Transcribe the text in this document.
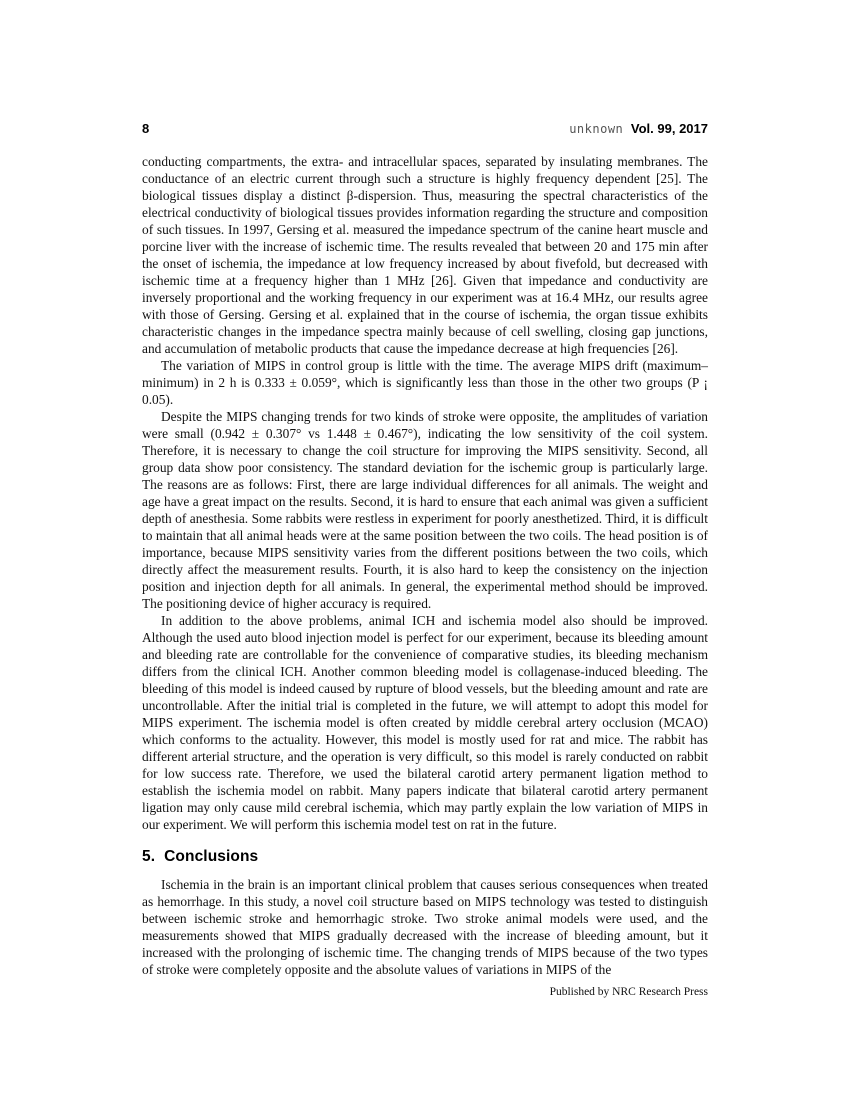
8	unknown Vol. 99, 2017

conducting compartments, the extra- and intracellular spaces, separated by insulating membranes. The conductance of an electric current through such a structure is highly frequency dependent [25]. The biological tissues display a distinct β-dispersion. Thus, measuring the spectral characteristics of the electrical conductivity of biological tissues provides information regarding the structure and composition of such tissues. In 1997, Gersing et al. measured the impedance spectrum of the canine heart muscle and porcine liver with the increase of ischemic time. The results revealed that between 20 and 175 min after the onset of ischemia, the impedance at low frequency increased by about fivefold, but decreased with ischemic time at a frequency higher than 1 MHz [26]. Given that impedance and conductivity are inversely proportional and the working frequency in our experiment was at 16.4 MHz, our results agree with those of Gersing. Gersing et al. explained that in the course of ischemia, the organ tissue exhibits characteristic changes in the impedance spectra mainly because of cell swelling, closing gap junctions, and accumulation of metabolic products that cause the impedance decrease at high frequencies [26].

The variation of MIPS in control group is little with the time. The average MIPS drift (maximum–minimum) in 2 h is 0.333 ± 0.059°, which is significantly less than those in the other two groups (P ¡ 0.05).

Despite the MIPS changing trends for two kinds of stroke were opposite, the amplitudes of variation were small (0.942 ± 0.307° vs 1.448 ± 0.467°), indicating the low sensitivity of the coil system. Therefore, it is necessary to change the coil structure for improving the MIPS sensitivity. Second, all group data show poor consistency. The standard deviation for the ischemic group is particularly large. The reasons are as follows: First, there are large individual differences for all animals. The weight and age have a great impact on the results. Second, it is hard to ensure that each animal was given a sufficient depth of anesthesia. Some rabbits were restless in experiment for poorly anesthetized. Third, it is difficult to maintain that all animal heads were at the same position between the two coils. The head position is of importance, because MIPS sensitivity varies from the different positions between the two coils, which directly affect the measurement results. Fourth, it is also hard to keep the consistency on the injection position and injection depth for all animals. In general, the experimental method should be improved. The positioning device of higher accuracy is required.

In addition to the above problems, animal ICH and ischemia model also should be improved. Although the used auto blood injection model is perfect for our experiment, because its bleeding amount and bleeding rate are controllable for the convenience of comparative studies, its bleeding mechanism differs from the clinical ICH. Another common bleeding model is collagenase-induced bleeding. The bleeding of this model is indeed caused by rupture of blood vessels, but the bleeding amount and rate are uncontrollable. After the initial trial is completed in the future, we will attempt to adopt this model for MIPS experiment. The ischemia model is often created by middle cerebral artery occlusion (MCAO) which conforms to the actuality. However, this model is mostly used for rat and mice. The rabbit has different arterial structure, and the operation is very difficult, so this model is rarely conducted on rabbit for low success rate. Therefore, we used the bilateral carotid artery permanent ligation method to establish the ischemia model on rabbit. Many papers indicate that bilateral carotid artery permanent ligation may only cause mild cerebral ischemia, which may partly explain the low variation of MIPS in our experiment. We will perform this ischemia model test on rat in the future.

5. Conclusions

Ischemia in the brain is an important clinical problem that causes serious consequences when treated as hemorrhage. In this study, a novel coil structure based on MIPS technology was tested to distinguish between ischemic stroke and hemorrhagic stroke. Two stroke animal models were used, and the measurements showed that MIPS gradually decreased with the increase of bleeding amount, but it increased with the prolonging of ischemic time. The changing trends of MIPS because of the two types of stroke were completely opposite and the absolute values of variations in MIPS of the

Published by NRC Research Press
